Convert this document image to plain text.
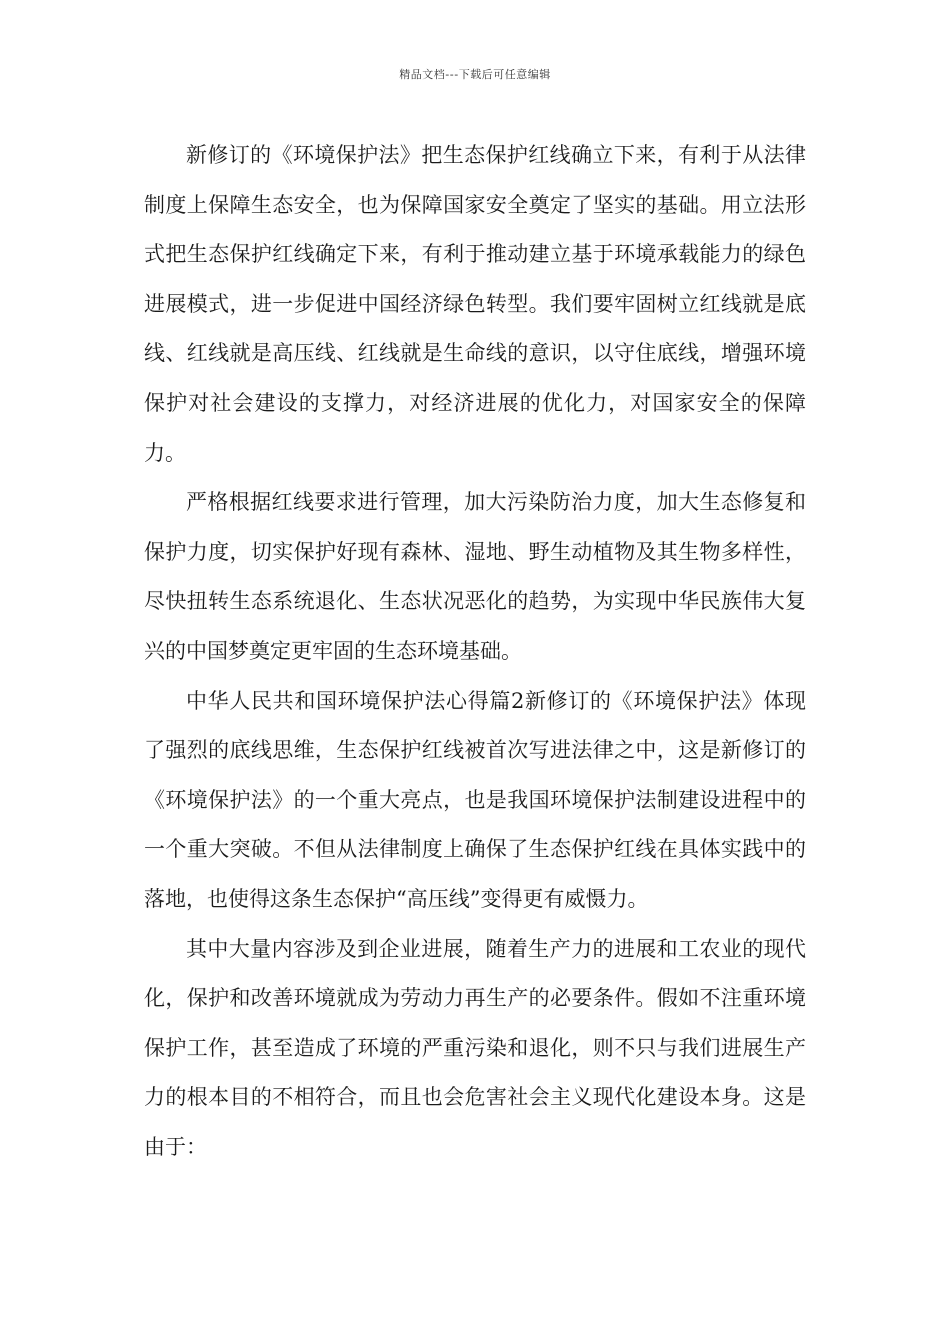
精品文档---下载后可任意编辑

新修订的《环境保护法》把生态保护红线确立下来，有利于从法律制度上保障生态安全，也为保障国家安全奠定了坚实的基础。用立法形式把生态保护红线确定下来，有利于推动建立基于环境承载能力的绿色进展模式，进一步促进中国经济绿色转型。我们要牢固树立红线就是底线、红线就是高压线、红线就是生命线的意识，以守住底线，增强环境保护对社会建设的支撑力，对经济进展的优化力，对国家安全的保障力。

严格根据红线要求进行管理，加大污染防治力度，加大生态修复和保护力度，切实保护好现有森林、湿地、野生动植物及其生物多样性，尽快扭转生态系统退化、生态状况恶化的趋势，为实现中华民族伟大复兴的中国梦奠定更牢固的生态环境基础。

中华人民共和国环境保护法心得篇2新修订的《环境保护法》体现了强烈的底线思维，生态保护红线被首次写进法律之中，这是新修订的《环境保护法》的一个重大亮点，也是我国环境保护法制建设进程中的一个重大突破。不但从法律制度上确保了生态保护红线在具体实践中的落地，也使得这条生态保护“高压线”变得更有威慑力。

其中大量内容涉及到企业进展，随着生产力的进展和工农业的现代化，保护和改善环境就成为劳动力再生产的必要条件。假如不注重环境保护工作，甚至造成了环境的严重污染和退化，则不只与我们进展生产力的根本目的不相符合，而且也会危害社会主义现代化建设本身。这是由于：
